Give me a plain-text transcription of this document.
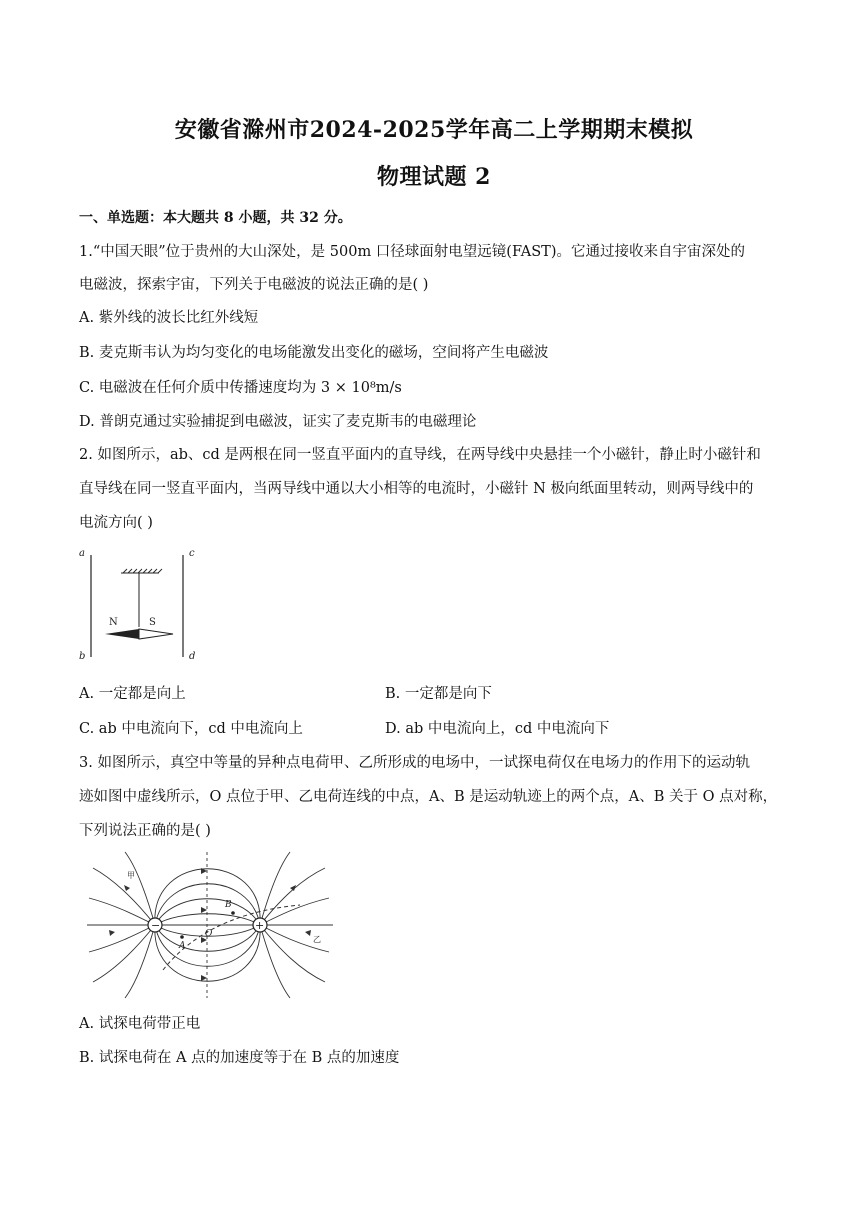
安徽省滁州市2024-2025学年高二上学期期末模拟
物理试题 2
一、单选题：本大题共 8 小题，共 32 分。
1.“中国天眼”位于贵州的大山深处，是 500m 口径球面射电望远镜(FAST)。它通过接收来自宇宙深处的
电磁波，探索宇宙，下列关于电磁波的说法正确的是( )
A. 紫外线的波长比红外线短
B. 麦克斯韦认为均匀变化的电场能激发出变化的磁场，空间将产生电磁波
C. 电磁波在任何介质中传播速度均为 3 × 10⁸m/s
D. 普朗克通过实验捕捉到电磁波，证实了麦克斯韦的电磁理论
2. 如图所示，ab、cd 是两根在同一竖直平面内的直导线，在两导线中央悬挂一个小磁针，静止时小磁针和
直导线在同一竖直平面内，当两导线中通以大小相等的电流时，小磁针 N 极向纸面里转动，则两导线中的
电流方向( )
a
b
c
d
N	S
A. 一定都是向上	B. 一定都是向下
C. ab 中电流向下，cd 中电流向上	D. ab 中电流向上，cd 中电流向下
3. 如图所示，真空中等量的异种点电荷甲、乙所形成的电场中，一试探电荷仅在电场力的作用下的运动轨
迹如图中虚线所示，O 点位于甲、乙电荷连线的中点，A、B 是运动轨迹上的两个点，A、B 关于 O 点对称，
下列说法正确的是( )
−	+
甲
乙
O
A
B
A. 试探电荷带正电
B. 试探电荷在 A 点的加速度等于在 B 点的加速度
